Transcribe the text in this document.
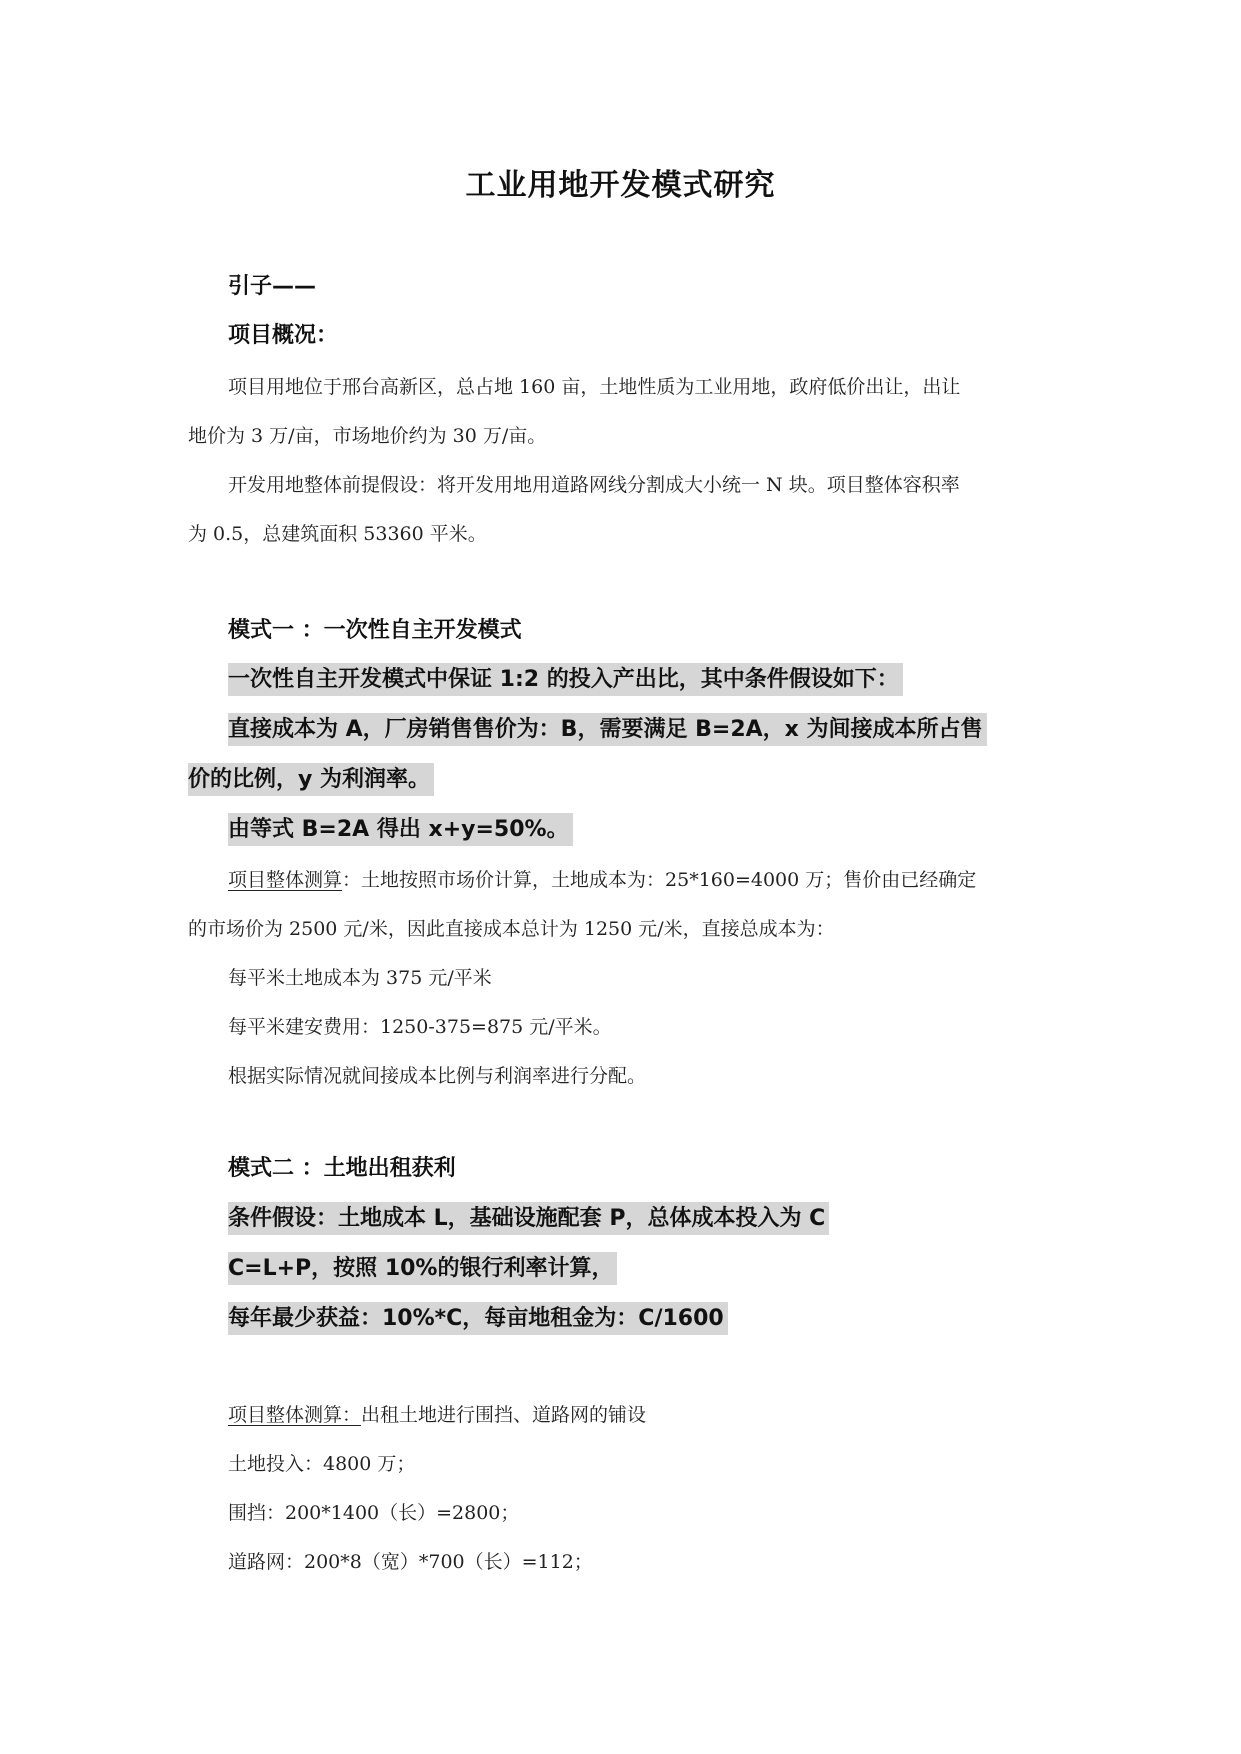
工业用地开发模式研究
引子——
项目概况：
项目用地位于邢台高新区，总占地 160 亩，土地性质为工业用地，政府低价出让，出让
地价为 3 万/亩，市场地价约为 30 万/亩。
开发用地整体前提假设：将开发用地用道路网线分割成大小统一 N 块。项目整体容积率
为 0.5，总建筑面积 53360 平米。
模式一 ：一次性自主开发模式
一次性自主开发模式中保证 1:2 的投入产出比，其中条件假设如下：
直接成本为 A，厂房销售售价为：B，需要满足 B=2A，x 为间接成本所占售
价的比例，y 为利润率。
由等式 B=2A 得出 x+y=50%。
项目整体测算：土地按照市场价计算，土地成本为：25*160=4000 万；售价由已经确定
的市场价为 2500 元/米，因此直接成本总计为 1250 元/米，直接总成本为：
每平米土地成本为 375 元/平米
每平米建安费用：1250-375=875 元/平米。
根据实际情况就间接成本比例与利润率进行分配。
模式二 ：土地出租获利
条件假设：土地成本 L，基础设施配套 P，总体成本投入为 C
C=L+P，按照 10%的银行利率计算，
每年最少获益：10%*C，每亩地租金为：C/1600
项目整体测算：出租土地进行围挡、道路网的铺设
土地投入：4800 万；
围挡：200*1400（长）=2800；
道路网：200*8（宽）*700（长）=112；
